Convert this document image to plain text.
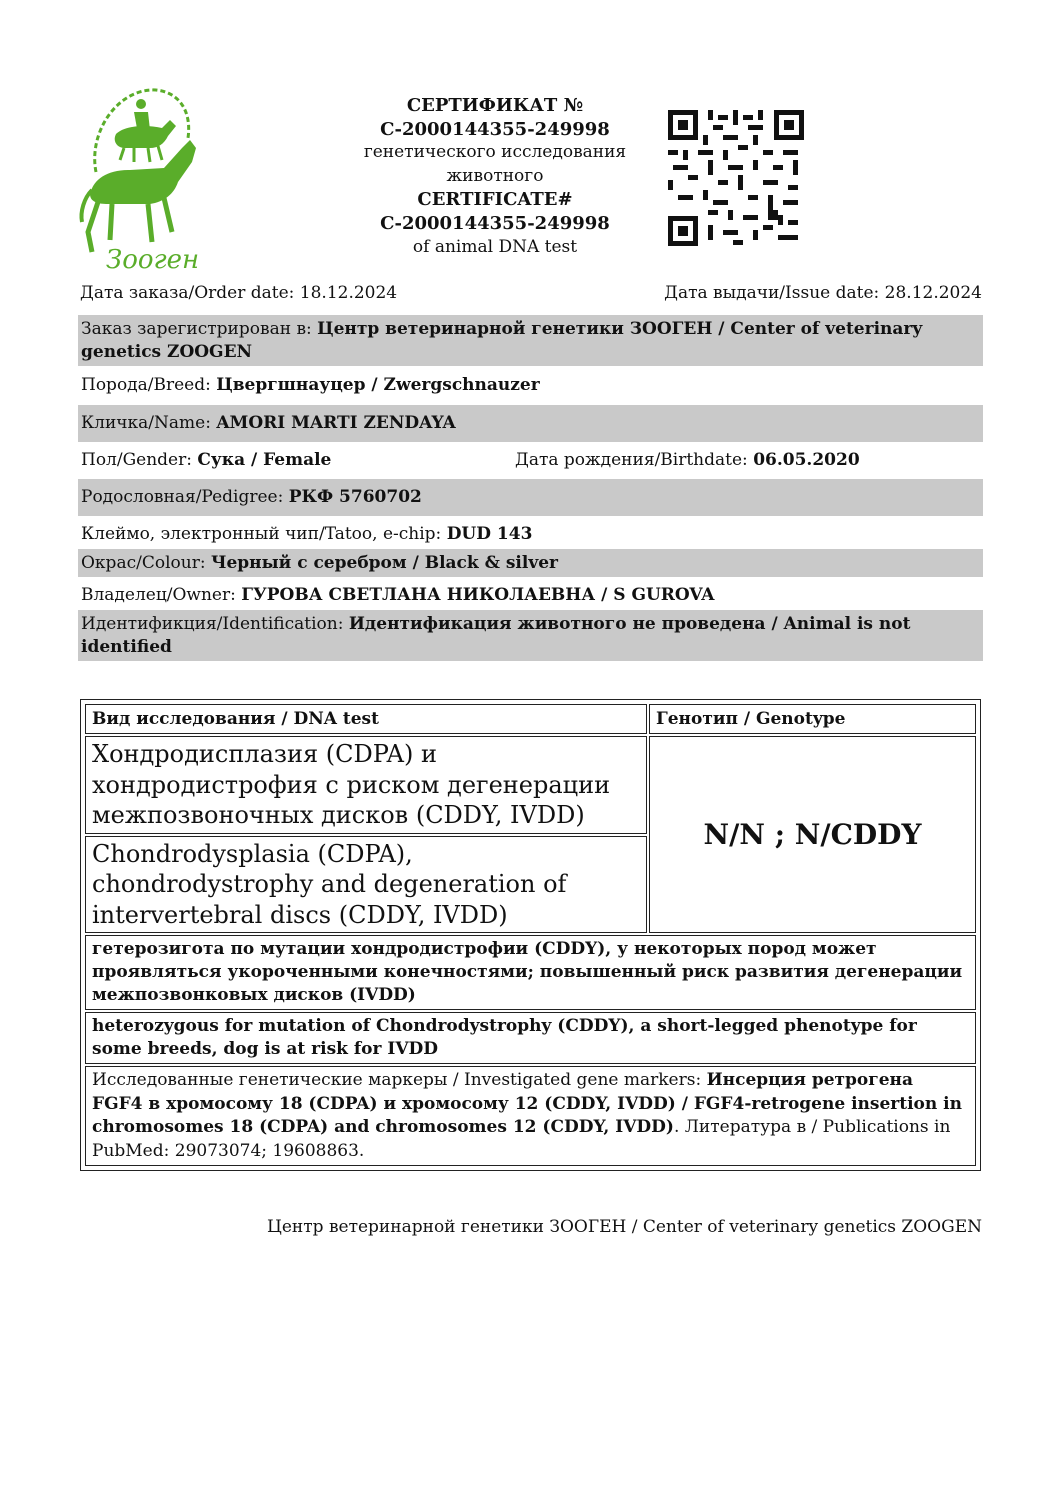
Зооген
СЕРТИФИКАТ №
С-2000144355-249998
генетического исследования
животного
CERTIFICATE#
С-2000144355-249998
of animal DNA test
Дата заказа/Order date: 18.12.2024	Дата выдачи/Issue date: 28.12.2024
Заказ зарегистрирован в: Центр ветеринарной генетики ЗООГЕН / Center of veterinary genetics ZOOGEN
Порода/Breed: Цвергшнауцер / Zwergschnauzer
Кличка/Name: AMORI MARTI ZENDAYA
Пол/Gender: Сука / Female	Дата рождения/Birthdate: 06.05.2020
Родословная/Pedigree: РКФ 5760702
Клеймо, электронный чип/Tatoo, e-chip: DUD 143
Окрас/Colour: Черный с серебром / Black & silver
Владелец/Owner: ГУРОВА СВЕТЛАНА НИКОЛАЕВНА / S GUROVA
Идентификция/Identification: Идентификация животного не проведена / Animal is not identified
Вид исследования / DNA test	Генотип / Genotype
Хондродисплазия (CDPA) и хондродистрофия с риском дегенерации межпозвоночных дисков (CDDY, IVDD)	N/N ; N/CDDY
Chondrodysplasia (CDPA), chondrodystrophy and degeneration of intervertebral discs (CDDY, IVDD)	
гетерозигота по мутации хондродистрофии (CDDY), у некоторых пород может проявляться укороченными конечностями; повышенный риск развития дегенерации межпозвонковых дисков (IVDD)	
heterozygous for mutation of Chondrodystrophy (CDDY), a short-legged phenotype for some breeds, dog is at risk for IVDD	
Исследованные генетические маркеры / Investigated gene markers: Инсерция ретрогена FGF4 в хромосому 18 (CDPA) и хромосому 12 (CDDY, IVDD) / FGF4-retrogene insertion in chromosomes 18 (CDPA) and chromosomes 12 (CDDY, IVDD). Литература в / Publications in PubMed: 29073074; 19608863.	
Центр ветеринарной генетики ЗООГЕН / Center of veterinary genetics ZOOGEN
